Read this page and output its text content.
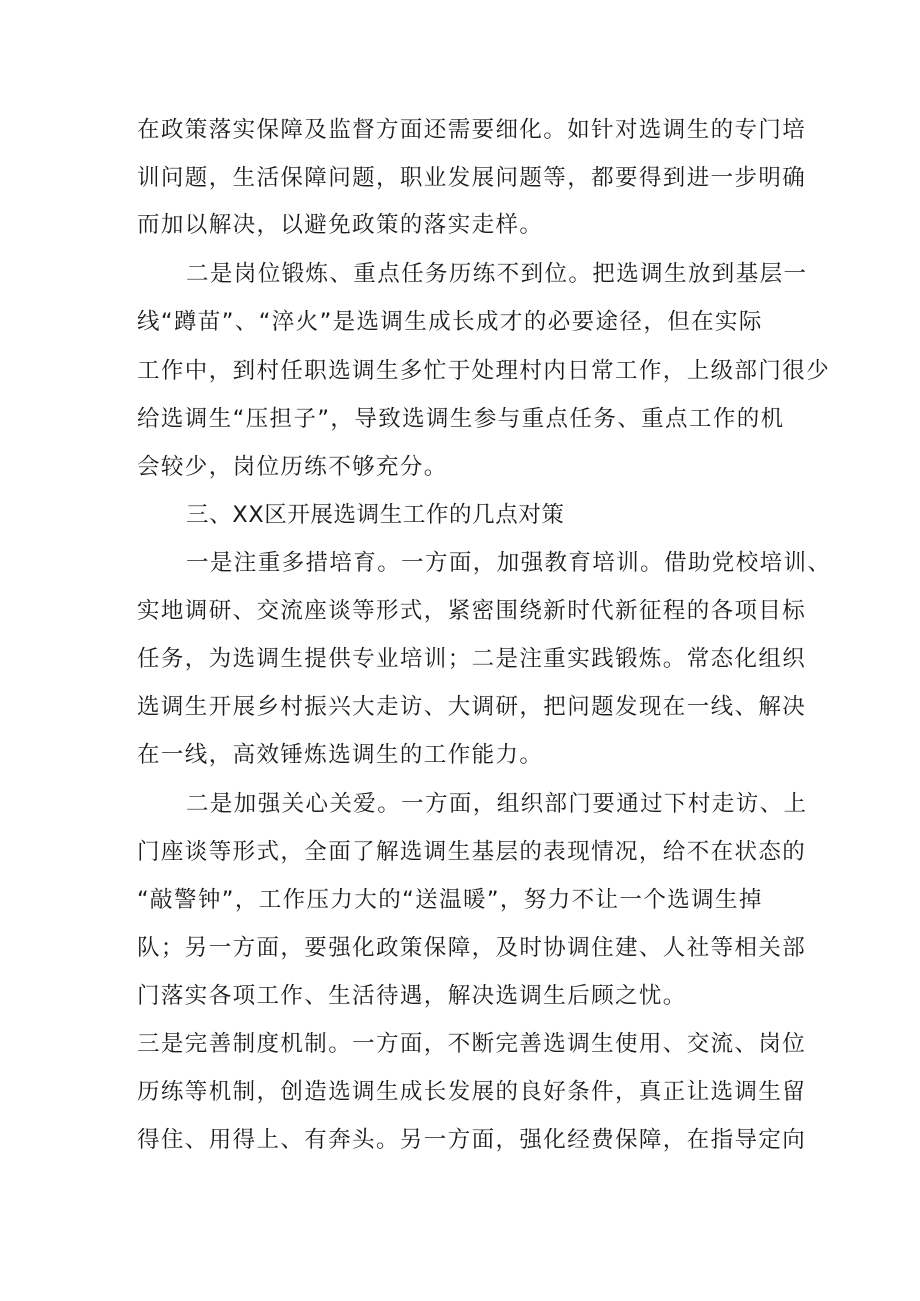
在政策落实保障及监督方面还需要细化。如针对选调生的专门培
训问题，生活保障问题，职业发展问题等，都要得到进一步明确
而加以解决，以避免政策的落实走样。
二是岗位锻炼、重点任务历练不到位。把选调生放到基层一
线“蹲苗”、“淬火”是选调生成长成才的必要途径，但在实际
工作中，到村任职选调生多忙于处理村内日常工作，上级部门很少
给选调生“压担子”，导致选调生参与重点任务、重点工作的机
会较少，岗位历练不够充分。
三、XX区开展选调生工作的几点对策
一是注重多措培育。一方面，加强教育培训。借助党校培训、
实地调研、交流座谈等形式，紧密围绕新时代新征程的各项目标
任务，为选调生提供专业培训；二是注重实践锻炼。常态化组织
选调生开展乡村振兴大走访、大调研，把问题发现在一线、解决
在一线，高效锤炼选调生的工作能力。
二是加强关心关爱。一方面，组织部门要通过下村走访、上
门座谈等形式，全面了解选调生基层的表现情况，给不在状态的
“敲警钟”，工作压力大的“送温暖”，努力不让一个选调生掉
队；另一方面，要强化政策保障，及时协调住建、人社等相关部
门落实各项工作、生活待遇，解决选调生后顾之忧。
三是完善制度机制。一方面，不断完善选调生使用、交流、岗位
历练等机制，创造选调生成长发展的良好条件，真正让选调生留
得住、用得上、有奔头。另一方面，强化经费保障，在指导定向
